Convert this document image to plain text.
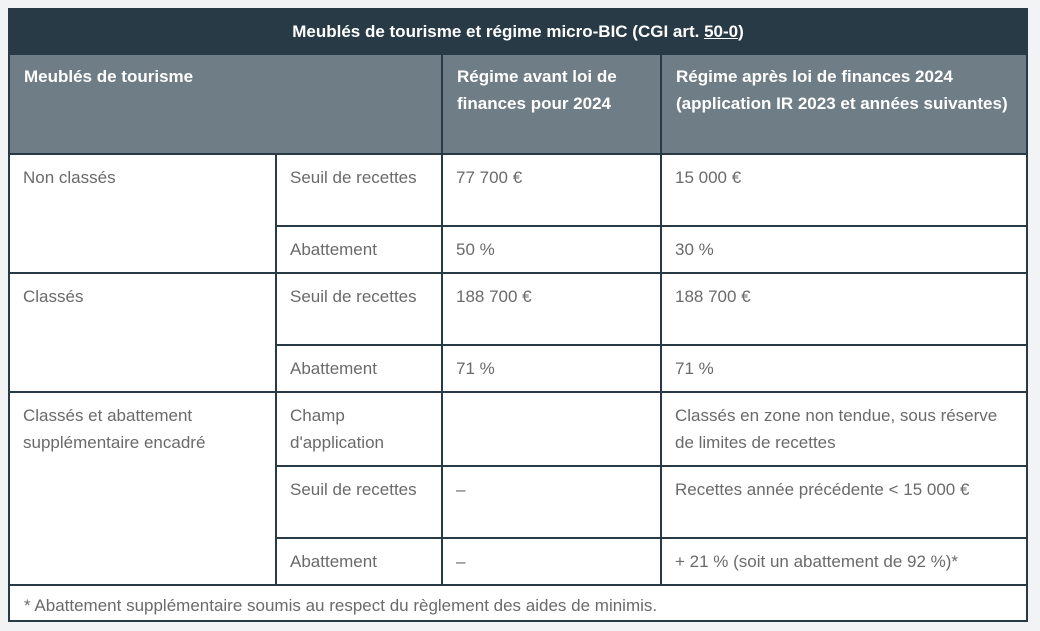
Meublés de tourisme et régime micro-BIC (CGI art. 50-0)			
Meublés de tourisme		Régime avant loi de finances pour 2024	Régime après loi de finances 2024 (application IR 2023 et années suivantes)
Non classés	Seuil de recettes	77 700 €	15 000 €
	Abattement	50 %	30 %
Classés	Seuil de recettes	188 700 €	188 700 €
	Abattement	71 %	71 %
Classés et abattement supplémentaire encadré	Champ d'application		Classés en zone non tendue, sous réserve de limites de recettes
	Seuil de recettes	–	Recettes année précédente < 15 000 €
	Abattement	–	+ 21 % (soit un abattement de 92 %)*
* Abattement supplémentaire soumis au respect du règlement des aides de minimis.			
